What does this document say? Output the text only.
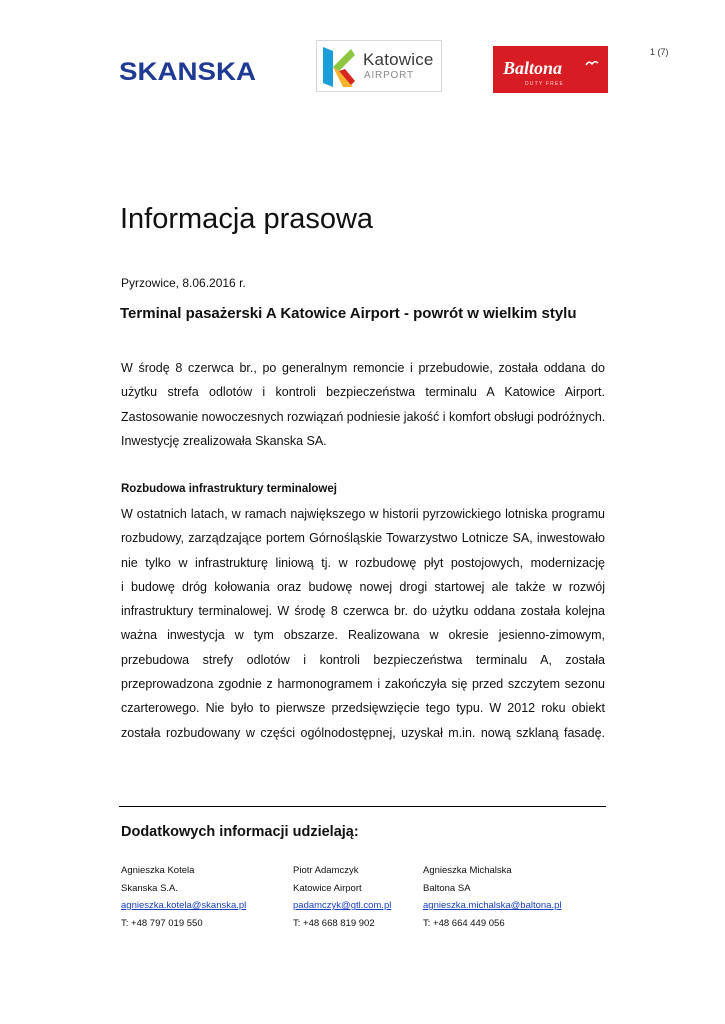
1 (7)
SKANSKA	Katowice
AIRPORT	Baltona
DUTY FREE
Informacja prasowa
Pyrzowice, 8.06.2016 r.
Terminal pasażerski A Katowice Airport - powrót w wielkim stylu

W środę 8 czerwca br., po generalnym remoncie i przebudowie, została oddana do
użytku strefa odlotów i kontroli bezpieczeństwa terminalu A Katowice Airport.
Zastosowanie nowoczesnych rozwiązań podniesie jakość i komfort obsługi podróżnych.
Inwestycję zrealizowała Skanska SA.

Rozbudowa infrastruktury terminalowej

W ostatnich latach, w ramach największego w historii pyrzowickiego lotniska programu
rozbudowy, zarządzające portem Górnośląskie Towarzystwo Lotnicze SA, inwestowało
nie tylko w infrastrukturę liniową tj. w rozbudowę płyt postojowych, modernizację
i budowę dróg kołowania oraz budowę nowej drogi startowej ale także w rozwój
infrastruktury terminalowej. W środę 8 czerwca br. do użytku oddana została kolejna
ważna inwestycja w tym obszarze. Realizowana w okresie jesienno-zimowym,
przebudowa strefy odlotów i kontroli bezpieczeństwa terminalu A, została
przeprowadzona zgodnie z harmonogramem i zakończyła się przed szczytem sezonu
czarterowego. Nie było to pierwsze przedsięwzięcie tego typu. W 2012 roku obiekt
została rozbudowany w części ogólnodostępnej, uzyskał m.in. nową szklaną fasadę.

Dodatkowych informacji udzielają:
Agnieszka Kotela
Skanska S.A.
agnieszka.kotela@skanska.pl
T: +48 797 019 550
Piotr Adamczyk
Katowice Airport
padamczyk@gtl.com.pl
T: +48 668 819 902
Agnieszka Michalska
Baltona SA
agnieszka.michalska@baltona.pl
T: +48 664 449 056
